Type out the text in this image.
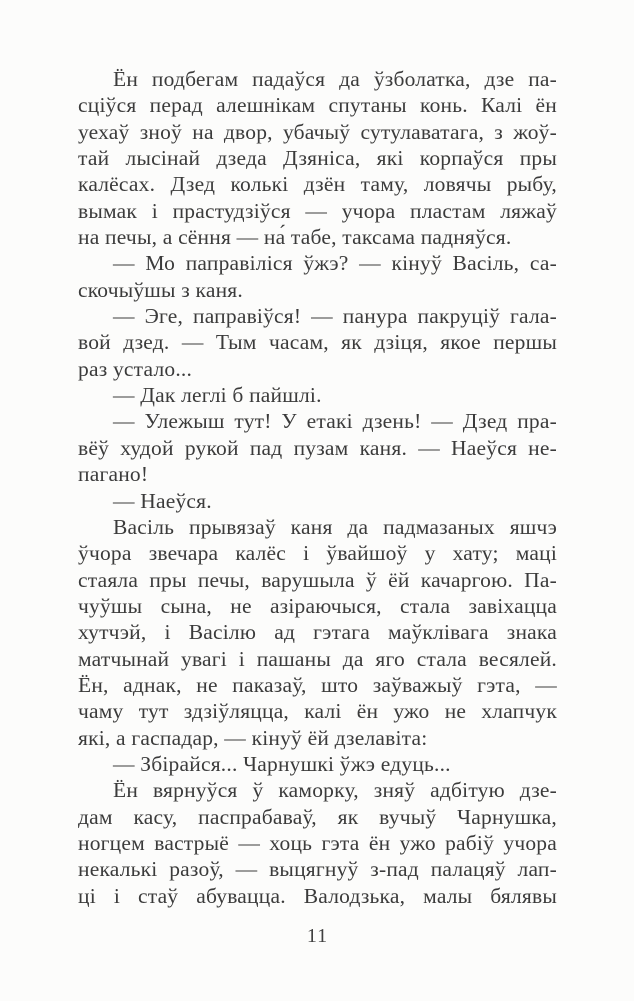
Ён подбегам падаўся да ўзболатка, дзе па-
сціўся перад алешнікам спутаны конь. Калі ён
уехаў зноў на двор, убачыў сутулаватага, з жоў-
тай лысінай дзеда Дзяніса, які корпаўся пры
калёсах. Дзед колькі дзён таму, ловячы рыбу,
вымак і прастудзіўся — учора пластам ляжаў
на печы, а сёння — на́ табе, таксама падняўся.
— Мо паправіліся ўжэ? — кінуў Васіль, са-
скочыўшы з каня.
— Эге, паправіўся! — панура пакруціў гала-
вой дзед. — Тым часам, як дзіця, якое першы
раз устало...
— Дак леглі б пайшлі.
— Улежыш тут! У етакі дзень! — Дзед пра-
вёў худой рукой пад пузам каня. — Наеўся не-
пагано!
— Наеўся.
Васіль прывязаў каня да падмазаных яшчэ
ўчора звечара калёс і ўвайшоў у хату; маці
стаяла пры печы, варушыла ў ёй качаргою. Па-
чуўшы сына, не азіраючыся, стала завіхацца
хутчэй, і Васілю ад гэтага маўклівага знака
матчынай увагі і пашаны да яго стала весялей.
Ён, аднак, не паказаў, што заўважыў гэта, —
чаму тут здзіўляцца, калі ён ужо не хлапчук
які, а гаспадар, — кінуў ёй дзелавіта:
— Збірайся... Чарнушкі ўжэ едуць...
Ён вярнуўся ў каморку, зняў адбітую дзе-
дам касу, паспрабаваў, як вучыў Чарнушка,
ногцем вастрыё — хоць гэта ён ужо рабіў учора
некалькі разоў, — выцягнуў з-пад палацяў лап-
ці і стаў абувацца. Валодзька, малы бялявы
11
